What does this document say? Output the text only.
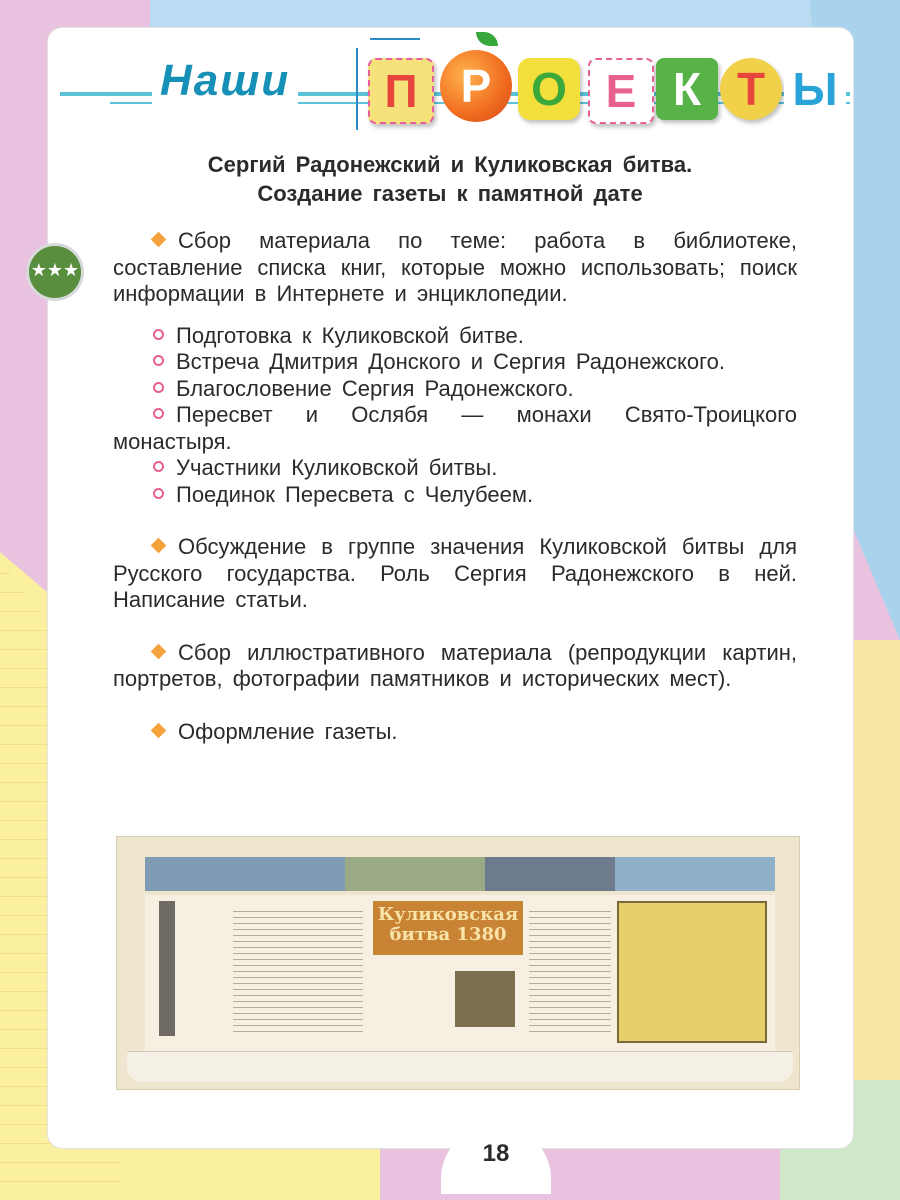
Наши	П Р О Е К Т Ы
Сергий Радонежский и Куликовская битва.
Создание газеты к памятной дате
★★★

Сбор материала по теме: работа в библиотеке, составление списка книг, которые можно использовать; поиск информации в Интернете и энциклопедии.

Подготовка к Куликовской битве.

Встреча Дмитрия Донского и Сергия Радонежского.

Благословение Сергия Радонежского.

Пересвет и Ослябя — монахи Свято-Троицкого монастыря.

Участники Куликовской битвы.

Поединок Пересвета с Челубеем.

Обсуждение в группе значения Куликовской битвы для Русского государства. Роль Сергия Радонежского в ней. Написание статьи.

Сбор иллюстративного материала (репродукции картин, портретов, фотографии памятников и исторических мест).

Оформление газеты.

Куликовская битва 1380
18
